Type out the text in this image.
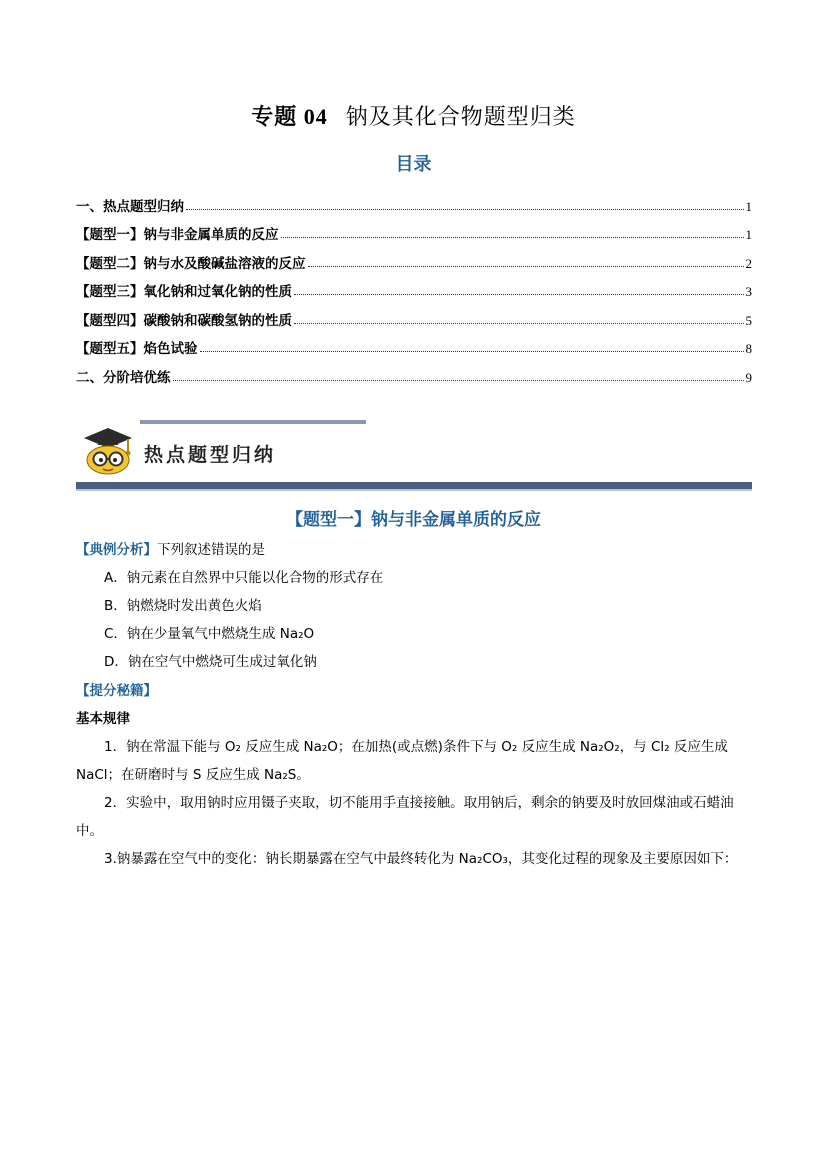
专题 04 钠及其化合物题型归类
目录
一、热点题型归纳	1
【题型一】钠与非金属单质的反应	1
【题型二】钠与水及酸碱盐溶液的反应	2
【题型三】氧化钠和过氧化钠的性质	3
【题型四】碳酸钠和碳酸氢钠的性质	5
【题型五】焰色试验	8
二、分阶培优练	9
热点题型归纳
【题型一】钠与非金属单质的反应
【典例分析】下列叙述错误的是
A．钠元素在自然界中只能以化合物的形式存在
B．钠燃烧时发出黄色火焰
C．钠在少量氧气中燃烧生成 Na₂O
D．钠在空气中燃烧可生成过氧化钠
【提分秘籍】
基本规律
1．钠在常温下能与 O₂ 反应生成 Na₂O；在加热(或点燃)条件下与 O₂ 反应生成 Na₂O₂，与 Cl₂ 反应生成 NaCl；在研磨时与 S 反应生成 Na₂S。
2．实验中，取用钠时应用镊子夹取，切不能用手直接接触。取用钠后，剩余的钠要及时放回煤油或石蜡油中。
3.钠暴露在空气中的变化：钠长期暴露在空气中最终转化为 Na₂CO₃，其变化过程的现象及主要原因如下：
